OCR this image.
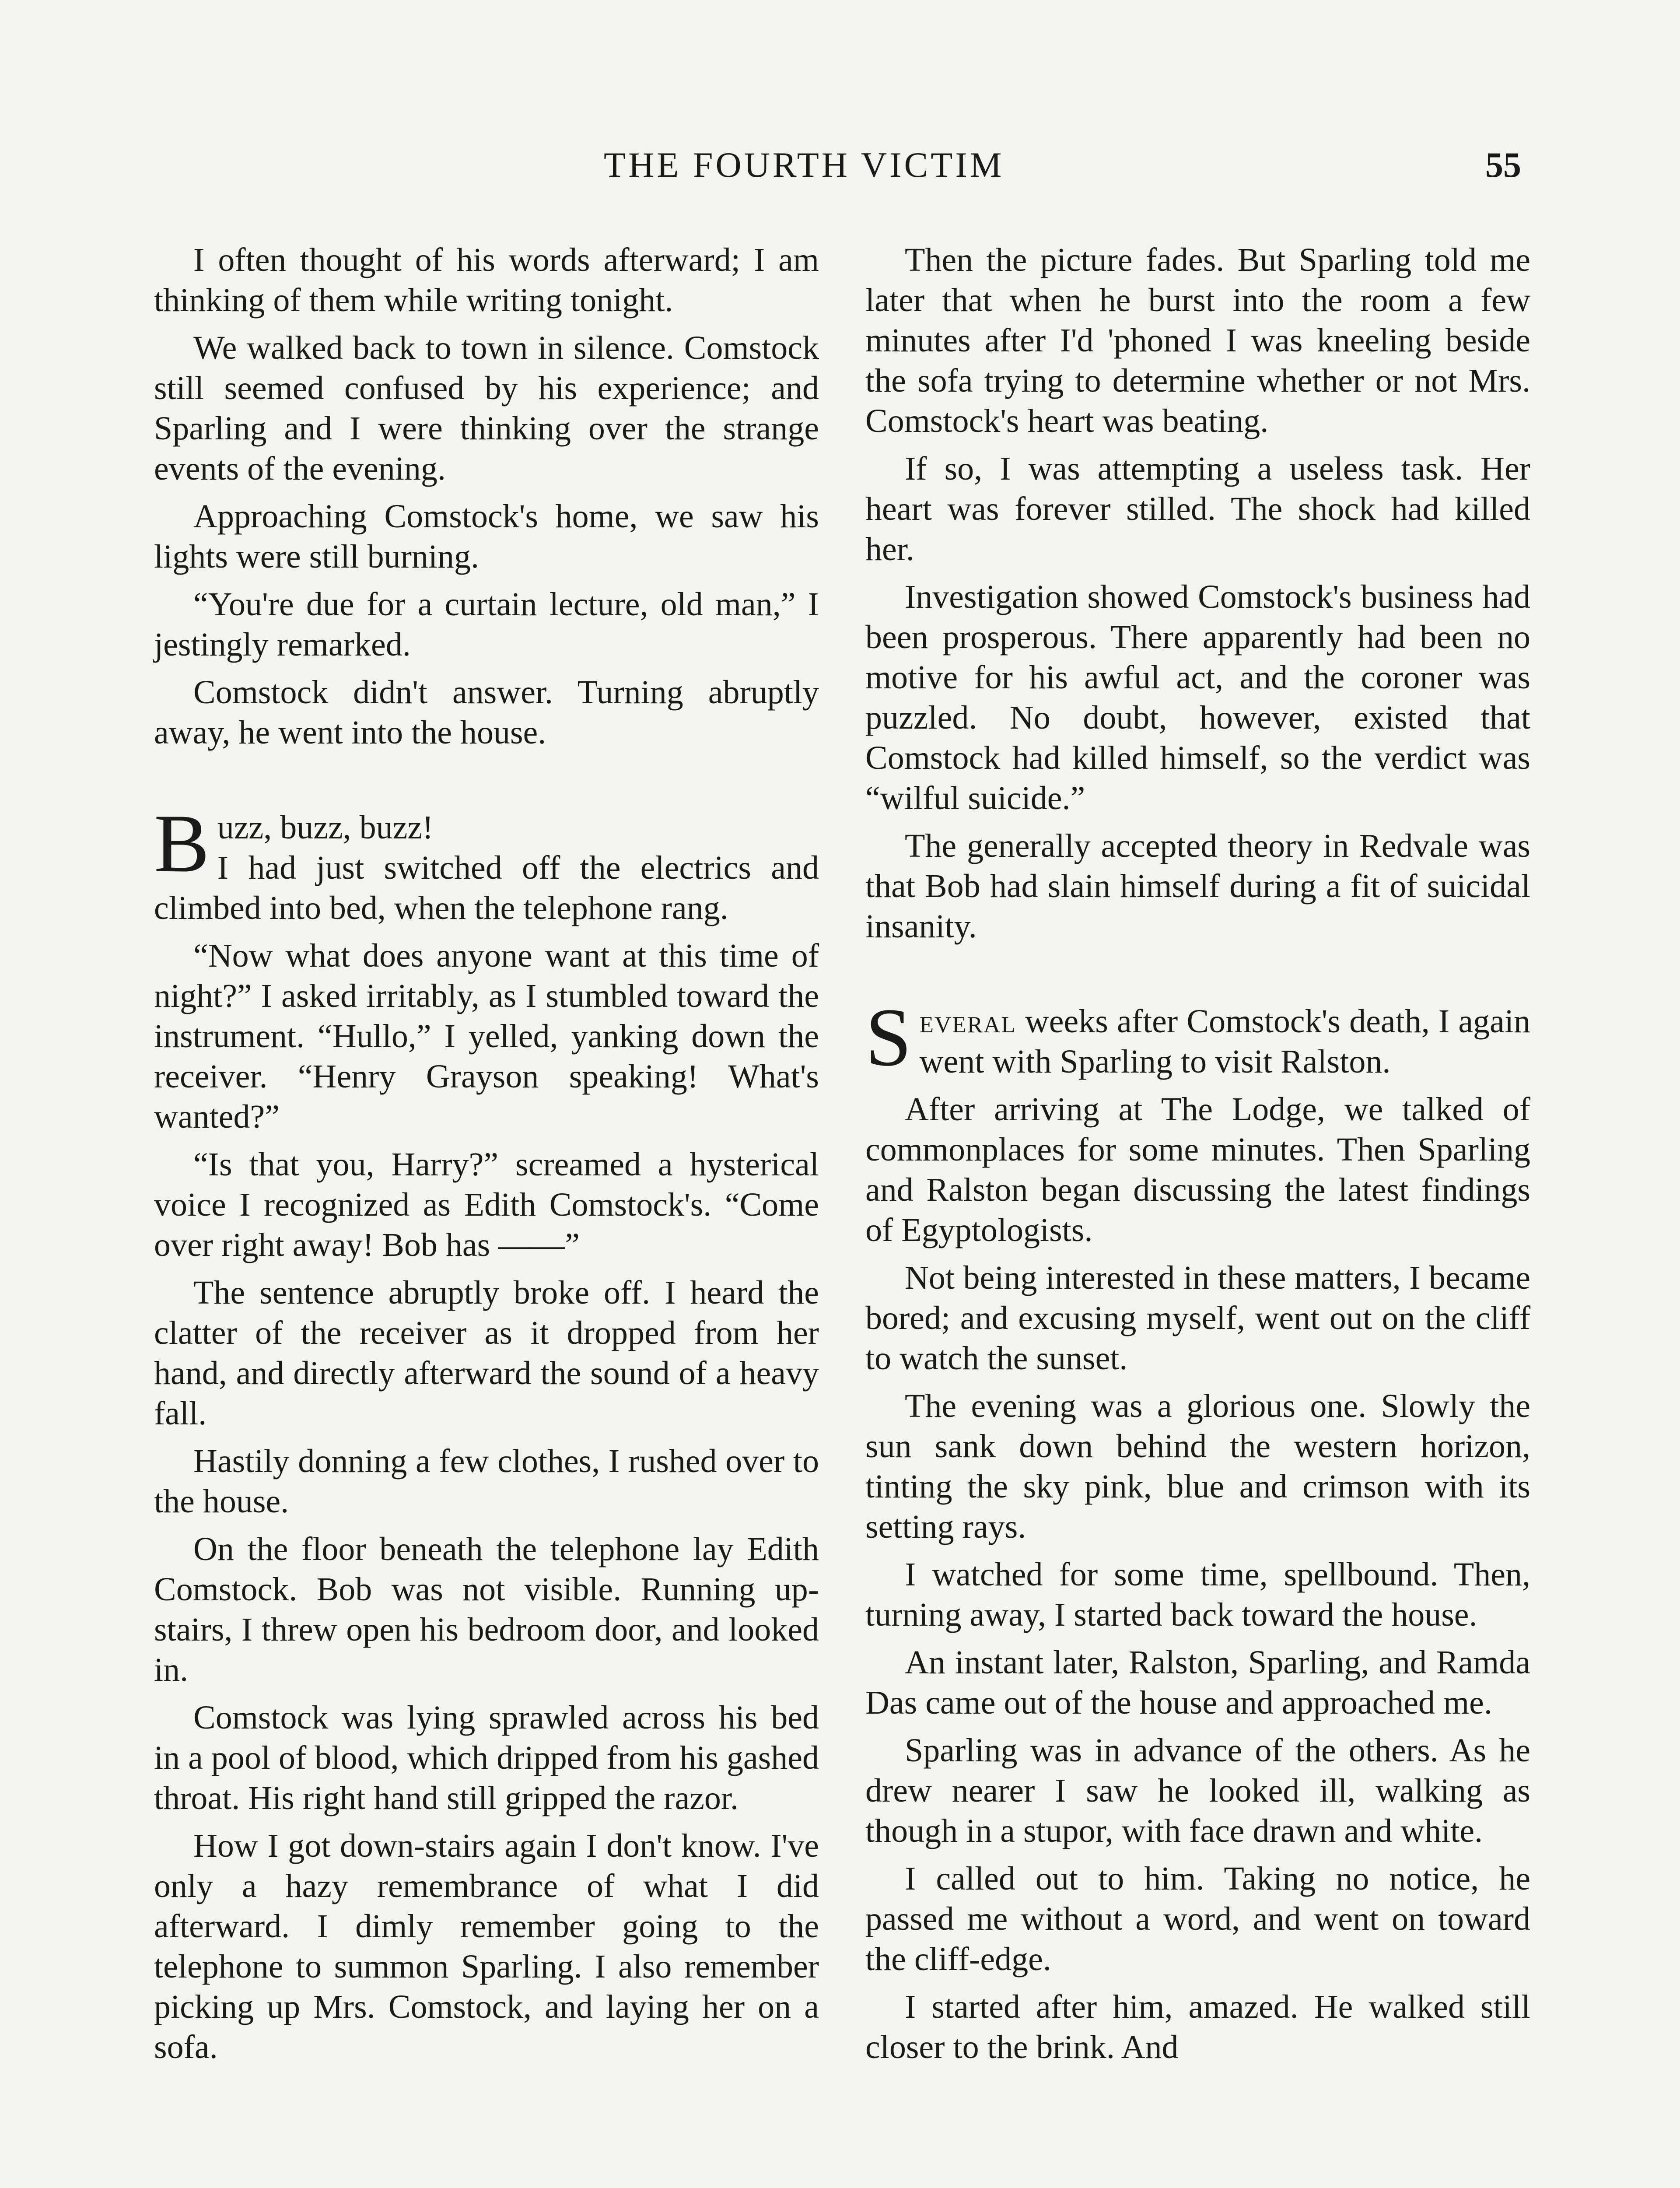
THE FOURTH VICTIM	55

I often thought of his words afterward; I am thinking of them while writing tonight.

We walked back to town in silence. Comstock still seemed confused by his experience; and Sparling and I were thinking over the strange events of the evening.

Approaching Comstock's home, we saw his lights were still burning.

“You're due for a curtain lecture, old man,” I jestingly remarked.

Comstock didn't answer. Turning abruptly away, he went into the house.

Buzz, buzz, buzz!
I had just switched off the electrics and climbed into bed, when the telephone rang.

“Now what does anyone want at this time of night?” I asked irritably, as I stumbled toward the instrument. “Hullo,” I yelled, yanking down the receiver. “Henry Grayson speaking! What's wanted?”

“Is that you, Harry?” screamed a hysterical voice I recognized as Edith Comstock's. “Come over right away! Bob has ——”

The sentence abruptly broke off. I heard the clatter of the receiver as it dropped from her hand, and directly afterward the sound of a heavy fall.

Hastily donning a few clothes, I rushed over to the house.

On the floor beneath the telephone lay Edith Comstock. Bob was not visible. Running up-stairs, I threw open his bedroom door, and looked in.

Comstock was lying sprawled across his bed in a pool of blood, which dripped from his gashed throat. His right hand still gripped the razor.

How I got down-stairs again I don't know. I've only a hazy remembrance of what I did afterward. I dimly remember going to the telephone to summon Sparling. I also remember picking up Mrs. Comstock, and laying her on a sofa.

Then the picture fades. But Sparling told me later that when he burst into the room a few minutes after I'd 'phoned I was kneeling beside the sofa trying to determine whether or not Mrs. Comstock's heart was beating.

If so, I was attempting a useless task. Her heart was forever stilled. The shock had killed her.

Investigation showed Comstock's business had been prosperous. There apparently had been no motive for his awful act, and the coroner was puzzled. No doubt, however, existed that Comstock had killed himself, so the verdict was “wilful suicide.”

The generally accepted theory in Redvale was that Bob had slain himself during a fit of suicidal insanity.

Several weeks after Comstock's death, I again went with Sparling to visit Ralston.

After arriving at The Lodge, we talked of commonplaces for some minutes. Then Sparling and Ralston began discussing the latest findings of Egyptologists.

Not being interested in these matters, I became bored; and excusing myself, went out on the cliff to watch the sunset.

The evening was a glorious one. Slowly the sun sank down behind the western horizon, tinting the sky pink, blue and crimson with its setting rays.

I watched for some time, spellbound. Then, turning away, I started back toward the house.

An instant later, Ralston, Sparling, and Ramda Das came out of the house and approached me.

Sparling was in advance of the others. As he drew nearer I saw he looked ill, walking as though in a stupor, with face drawn and white.

I called out to him. Taking no notice, he passed me without a word, and went on toward the cliff-edge.

I started after him, amazed. He walked still closer to the brink. And
